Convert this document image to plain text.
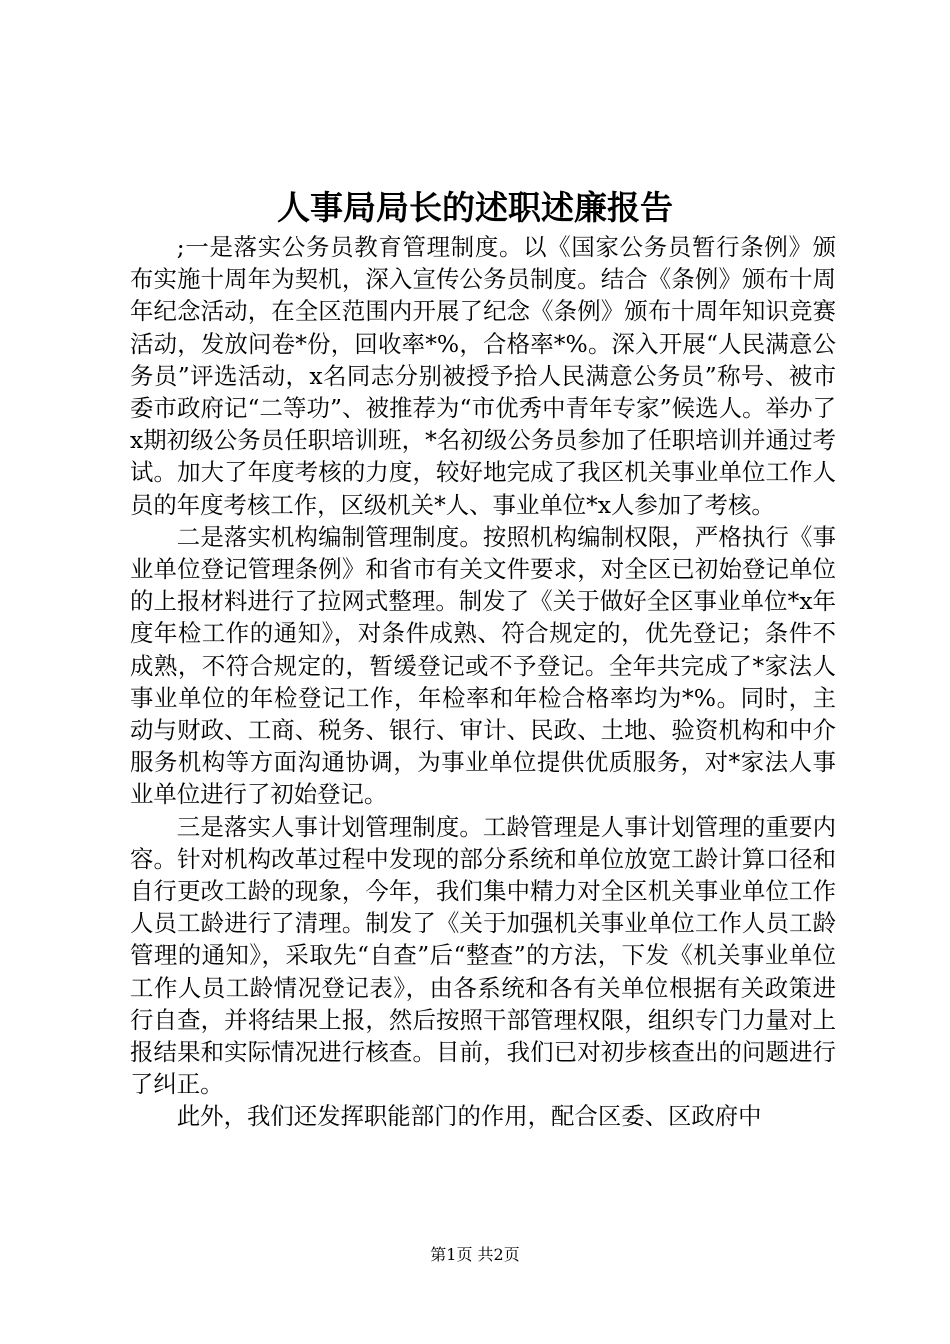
人事局局长的述职述廉报告

;一是落实公务员教育管理制度。以《国家公务员暂行条例》颁布实施十周年为契机，深入宣传公务员制度。结合《条例》颁布十周年纪念活动，在全区范围内开展了纪念《条例》颁布十周年知识竞赛活动，发放问卷*份，回收率*%，合格率*%。深入开展“人民满意公务员”评选活动，x名同志分别被授予拾人民满意公务员”称号、被市委市政府记“二等功”、被推荐为“市优秀中青年专家”候选人。举办了x期初级公务员任职培训班，*名初级公务员参加了任职培训并通过考试。加大了年度考核的力度，较好地完成了我区机关事业单位工作人员的年度考核工作，区级机关*人、事业单位*x人参加了考核。

二是落实机构编制管理制度。按照机构编制权限，严格执行《事业单位登记管理条例》和省市有关文件要求，对全区已初始登记单位的上报材料进行了拉网式整理。制发了《关于做好全区事业单位*x年度年检工作的通知》，对条件成熟、符合规定的，优先登记；条件不成熟，不符合规定的，暂缓登记或不予登记。全年共完成了*家法人事业单位的年检登记工作，年检率和年检合格率均为*%。同时，主动与财政、工商、税务、银行、审计、民政、土地、验资机构和中介服务机构等方面沟通协调，为事业单位提供优质服务，对*家法人事业单位进行了初始登记。

三是落实人事计划管理制度。工龄管理是人事计划管理的重要内容。针对机构改革过程中发现的部分系统和单位放宽工龄计算口径和自行更改工龄的现象，今年，我们集中精力对全区机关事业单位工作人员工龄进行了清理。制发了《关于加强机关事业单位工作人员工龄管理的通知》，采取先“自查”后“整查”的方法，下发《机关事业单位工作人员工龄情况登记表》，由各系统和各有关单位根据有关政策进行自查，并将结果上报，然后按照干部管理权限，组织专门力量对上报结果和实际情况进行核查。目前，我们已对初步核查出的问题进行了纠正。

此外，我们还发挥职能部门的作用，配合区委、区政府中

第1页 共2页
